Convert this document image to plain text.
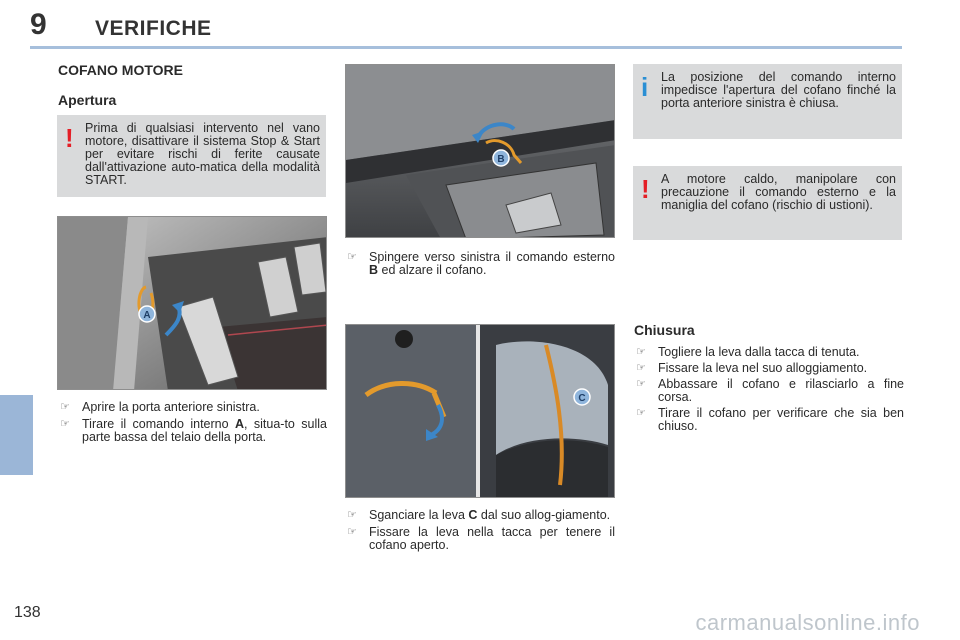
9 VERIFICHE
COFANO MOTORE
Apertura
! Prima di qualsiasi intervento nel vano motore, disattivare il sistema Stop & Start per evitare rischi di ferite causate dall'attivazione auto-matica della modalità START.
A
☞ Aprire la porta anteriore sinistra.
☞ Tirare il comando interno A, situa-to sulla parte bassa del telaio della porta.
B
☞ Spingere verso sinistra il comando esterno B ed alzare il cofano.
C
☞ Sganciare la leva C dal suo allog-giamento.
☞ Fissare la leva nella tacca per tenere il cofano aperto.
i La posizione del comando interno impedisce l'apertura del cofano finché la porta anteriore sinistra è chiusa.
! A motore caldo, manipolare con precauzione il comando esterno e la maniglia del cofano (rischio di ustioni).
Chiusura
☞ Togliere la leva dalla tacca di tenuta.
☞ Fissare la leva nel suo alloggiamento.
☞ Abbassare il cofano e rilasciarlo a fine corsa.
☞ Tirare il cofano per verificare che sia ben chiuso.
138	carmanualsonline.info
